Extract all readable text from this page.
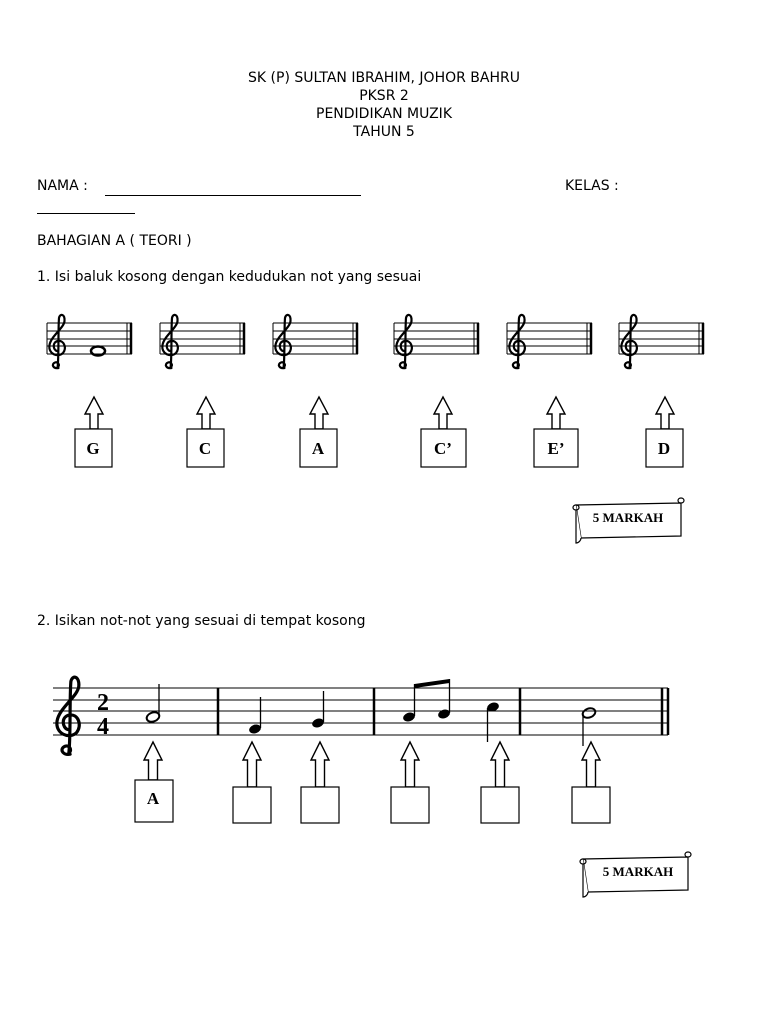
SK (P) SULTAN IBRAHIM, JOHOR BAHRU
PKSR 2
PENDIDIKAN MUZIK
TAHUN 5
NAMA :	KELAS :
BAHAGIAN A ( TEORI )
1. Isi baluk kosong dengan kedudukan not yang sesuai
2. Isikan not-not yang sesuai di tempat kosong
G	C	A	C’	E’	D
5 MARKAH
2
4
A
5 MARKAH
